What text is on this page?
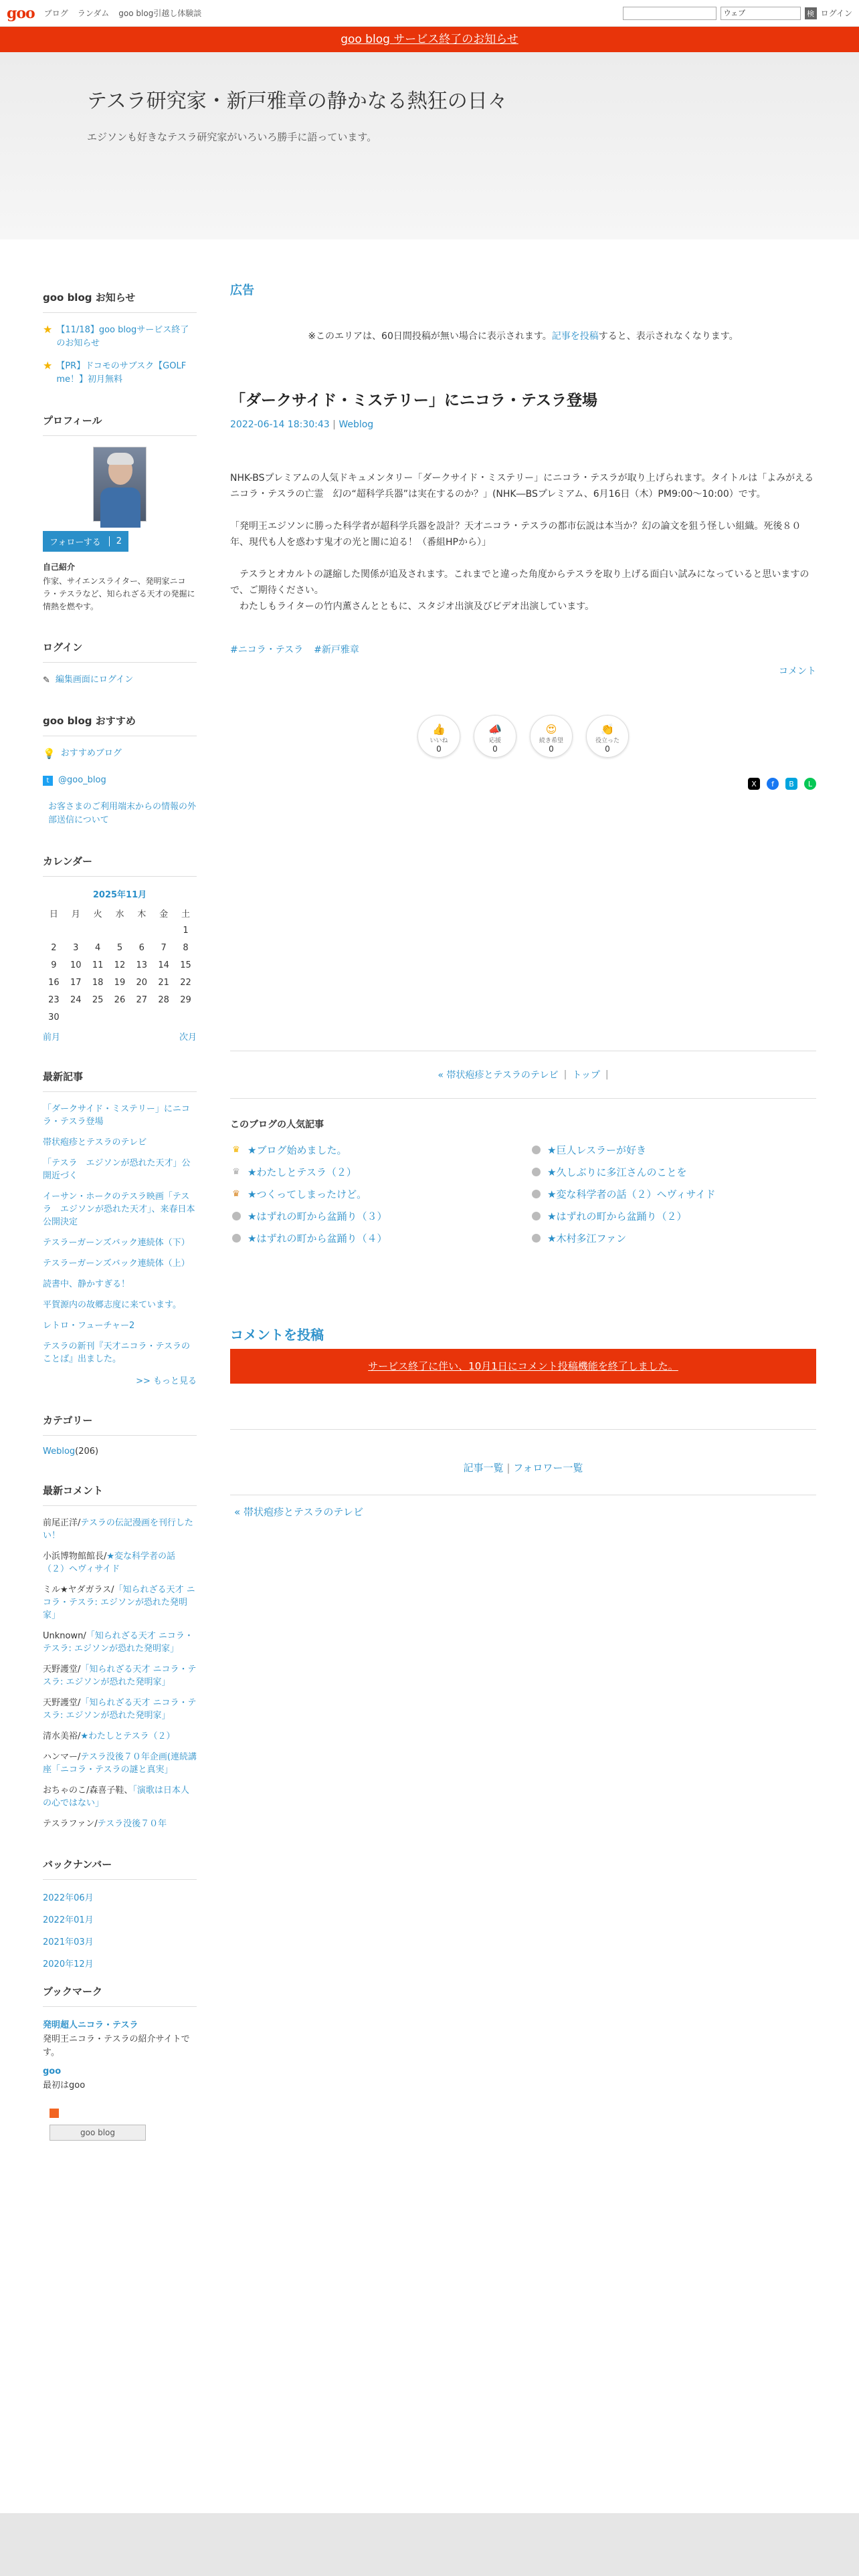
goo ブログ ランダム goo blog引越し体験談	ウェブ	検 ログイン
goo blog サービス終了のお知らせ
テスラ研究家・新戸雅章の静かなる熱狂の日々
エジソンも好きなテスラ研究家がいろいろ勝手に語っています。
goo blog お知らせ
★ 【11/18】goo blogサービス終了のお知らせ
★ 【PR】ドコモのサブスク【GOLF me！】初月無料
プロフィール
フォローする	2
自己紹介
作家、サイエンスライター、発明家ニコラ・テスラなど、知られざる天才の発掘に情熱を燃やす。
ログイン
✎ 編集画面にログイン
goo blog おすすめ
💡 おすすめブログ
t	@goo_blog
お客さまのご利用端末からの情報の外部送信について
カレンダー
2025年11月
日	月	火	水	木	金	土
						1
2	3	4	5	6	7	8
9	10	11	12	13	14	15
16	17	18	19	20	21	22
23	24	25	26	27	28	29
30						
前月	次月
最新記事
「ダークサイド・ミステリー」にニコラ・テスラ登場
帯状疱疹とテスラのテレビ
「テスラ　エジソンが恐れた天才」公開近づく
イーサン・ホークのテスラ映画「テスラ　エジソンが恐れた天才」、来春日本公開決定
テスラーガーンズバック連続体（下）
テスラーガーンズバック連続体（上）
読書中、静かすぎる！
平賀源内の故郷志度に来ています。
レトロ・フューチャー2
テスラの新刊『天才ニコラ・テスラのことば』出ました。
>> もっと見る
カテゴリー
Weblog(206)
最新コメント
前尾正洋/テスラの伝記漫画を刊行したい！
小浜博物館館長/★変な科学者の話（２）ヘヴィサイド
ミル★ヤダガラス/「知られざる天才 ニコラ・テスラ: エジソンが恐れた発明家」
Unknown/「知られざる天才 ニコラ・テスラ: エジソンが恐れた発明家」
天野護堂/「知られざる天才 ニコラ・テスラ: エジソンが恐れた発明家」
天野護堂/「知られざる天才 ニコラ・テスラ: エジソンが恐れた発明家」
清水美裕/★わたしとテスラ（２）
ハンマー/テスラ没後７０年企画(連続講座「ニコラ・テスラの謎と真実」
おちゃのこ/森喜子鞋、「演歌は日本人の心ではない」
テスラファン/テスラ没後７０年
バックナンバー
2022年06月
2022年01月
2021年03月
2020年12月
ブックマーク
発明超人ニコラ・テスラ
発明王ニコラ・テスラの紹介サイトです。
goo
最初はgoo
goo blog
広告
※このエリアは、60日間投稿が無い場合に表示されます。記事を投稿すると、表示されなくなります。
「ダークサイド・ミステリー」にニコラ・テスラ登場
2022-06-14 18:30:43 | Weblog
NHK-BSプレミアムの人気ドキュメンタリー「ダークサイド・ミステリー」にニコラ・テスラが取り上げられます。タイトルは「よみがえるニコラ・テスラの亡霊　幻の“超科学兵器”は実在するのか？」(NHK―BSプレミアム、6月16日（木）PM9:00〜10:00）です。
「発明王エジソンに勝った科学者が超科学兵器を設計？天才ニコラ・テスラの都市伝説は本当か？幻の論文を狙う怪しい組織。死後８０年、現代も人を惑わす鬼才の光と闇に迫る！（番組HPから）」
　テスラとオカルトの謎縮した関係が追及されます。これまでと違った角度からテスラを取り上げる面白い試みになっていると思いますので、ご期待ください。
　わたしもライターの竹内薫さんとともに、スタジオ出演及びビデオ出演しています。
#ニコラ・テスラ #新戸雅章
コメント
👍
いいね
0
📣
応援
0
😍
続き希望
0
👏
役立った
0
X	f	B	L
« 帯状疱疹とテスラのテレビ | トップ |
このブログの人気記事
♛ ★ブログ始めました。	★巨人レスラーが好き
♛ ★わたしとテスラ（２）	★久しぶりに多江さんのことを
♛ ★つくってしまったけど。	★変な科学者の話（２）ヘヴィサイド
★はずれの町から盆踊り（３）	★はずれの町から盆踊り（２）
★はずれの町から盆踊り（４）	★木村多江ファン
コメントを投稿
サービス終了に伴い、10月1日にコメント投稿機能を終了しました。
記事一覧 | フォロワー一覧
« 帯状疱疹とテスラのテレビ
